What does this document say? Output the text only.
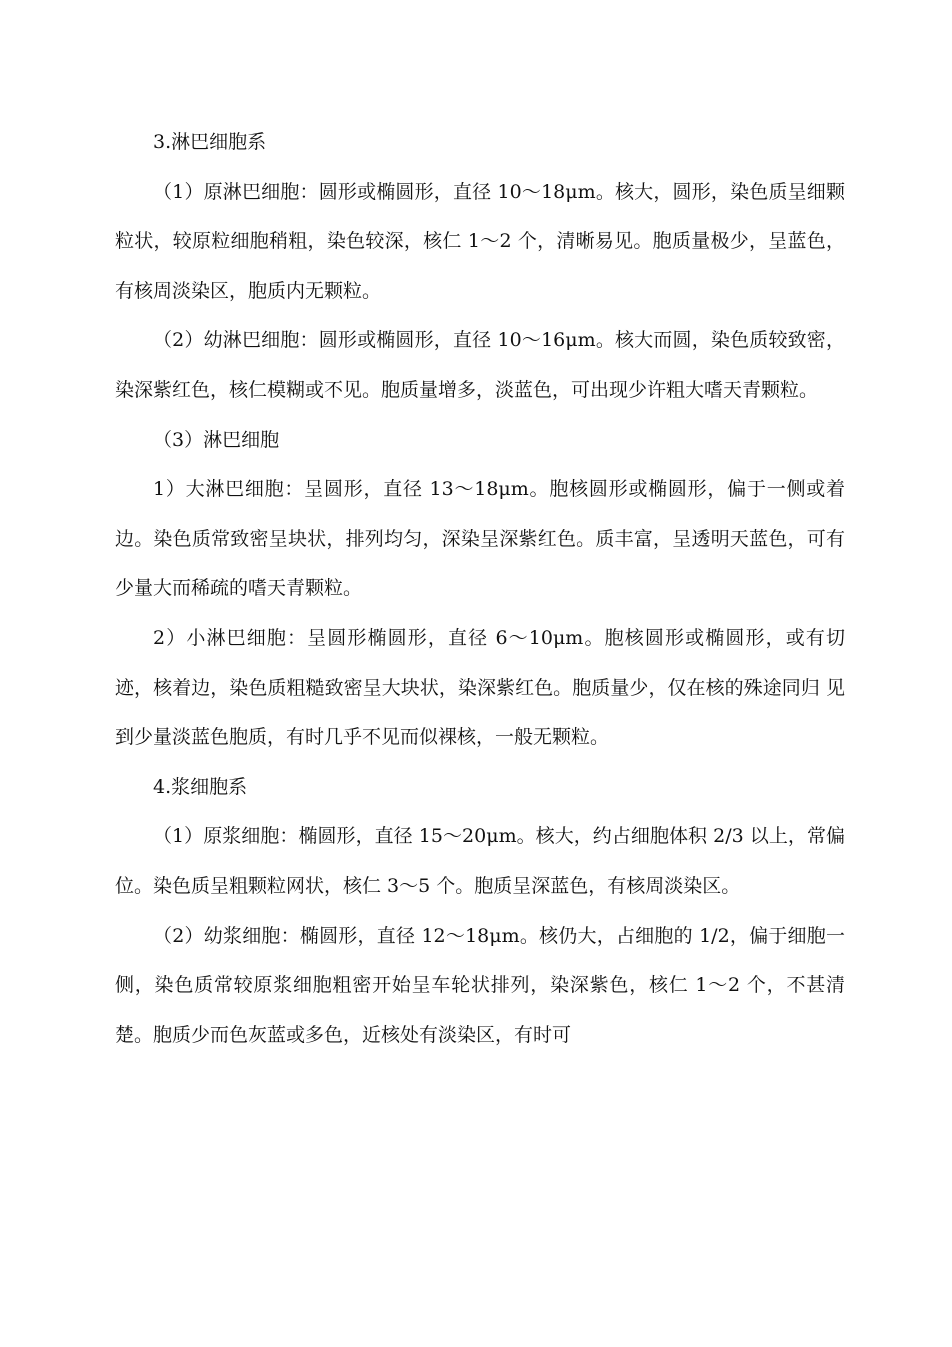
3.淋巴细胞系

（1）原淋巴细胞：圆形或椭圆形，直径 10～18μm。核大，圆形，染色质呈细颗粒状，较原粒细胞稍粗，染色较深，核仁 1～2 个，清晰易见。胞质量极少，呈蓝色，有核周淡染区，胞质内无颗粒。

（2）幼淋巴细胞：圆形或椭圆形，直径 10～16μm。核大而圆，染色质较致密，染深紫红色，核仁模糊或不见。胞质量增多，淡蓝色，可出现少许粗大嗜天青颗粒。

（3）淋巴细胞

1）大淋巴细胞：呈圆形，直径 13～18μm。胞核圆形或椭圆形，偏于一侧或着边。染色质常致密呈块状，排列均匀，深染呈深紫红色。质丰富，呈透明天蓝色，可有少量大而稀疏的嗜天青颗粒。

2）小淋巴细胞：呈圆形椭圆形，直径 6～10μm。胞核圆形或椭圆形，或有切迹，核着边，染色质粗糙致密呈大块状，染深紫红色。胞质量少，仅在核的殊途同归 见到少量淡蓝色胞质，有时几乎不见而似裸核，一般无颗粒。

4.浆细胞系

（1）原浆细胞：椭圆形，直径 15～20μm。核大，约占细胞体积 2/3 以上，常偏位。染色质呈粗颗粒网状，核仁 3～5 个。胞质呈深蓝色，有核周淡染区。

（2）幼浆细胞：椭圆形，直径 12～18μm。核仍大，占细胞的 1/2，偏于细胞一侧，染色质常较原浆细胞粗密开始呈车轮状排列，染深紫色，核仁 1～2 个，不甚清楚。胞质少而色灰蓝或多色，近核处有淡染区，有时可
